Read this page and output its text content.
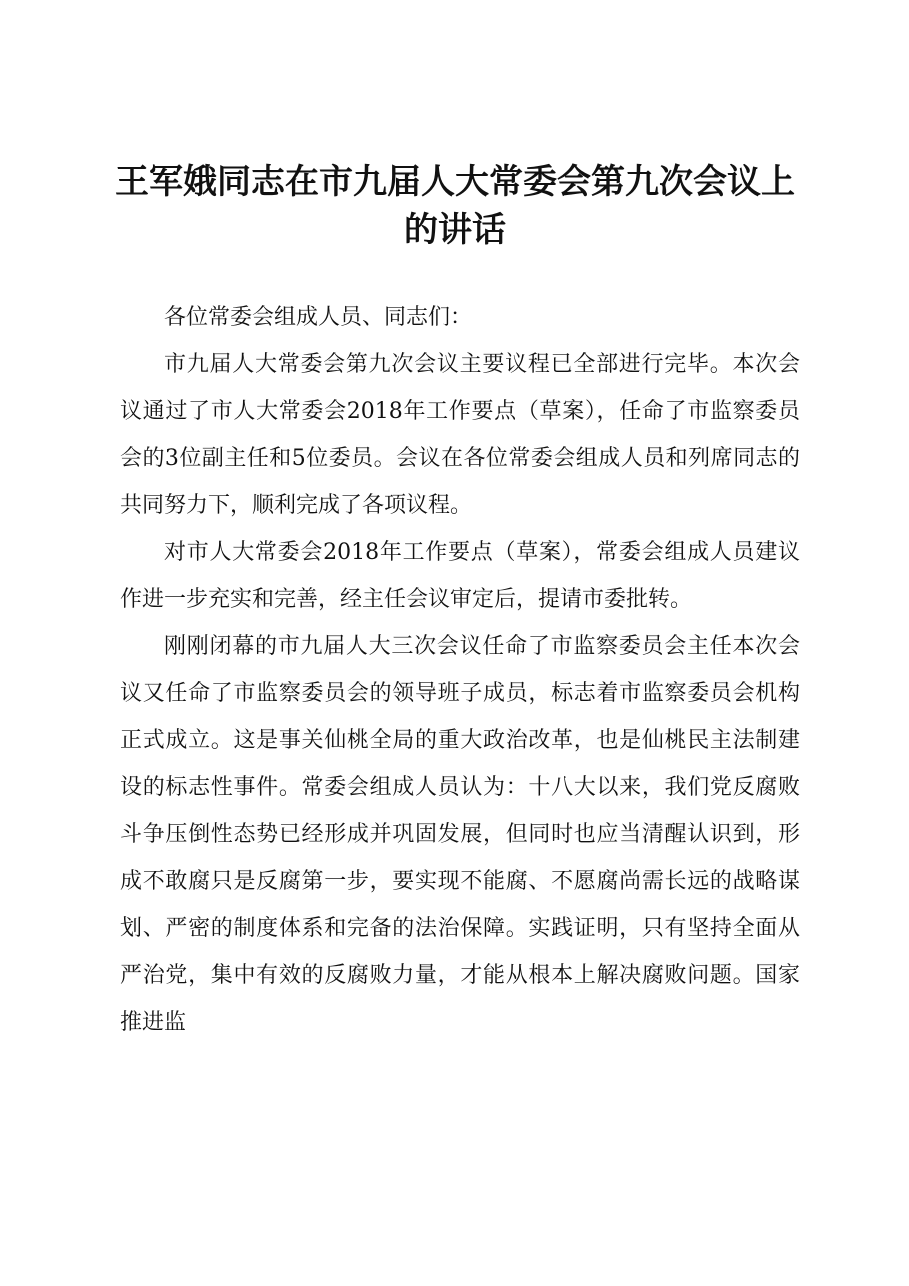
王军娥同志在市九届人大常委会第九次会议上的讲话

各位常委会组成人员、同志们：

市九届人大常委会第九次会议主要议程已全部进行完毕。本次会议通过了市人大常委会2018年工作要点（草案），任命了市监察委员会的3位副主任和5位委员。会议在各位常委会组成人员和列席同志的共同努力下，顺利完成了各项议程。

对市人大常委会2018年工作要点（草案），常委会组成人员建议作进一步充实和完善，经主任会议审定后，提请市委批转。

刚刚闭幕的市九届人大三次会议任命了市监察委员会主任本次会议又任命了市监察委员会的领导班子成员，标志着市监察委员会机构正式成立。这是事关仙桃全局的重大政治改革，也是仙桃民主法制建设的标志性事件。常委会组成人员认为：十八大以来，我们党反腐败斗争压倒性态势已经形成并巩固发展，但同时也应当清醒认识到，形成不敢腐只是反腐第一步，要实现不能腐、不愿腐尚需长远的战略谋划、严密的制度体系和完备的法治保障。实践证明，只有坚持全面从严治党，集中有效的反腐败力量，才能从根本上解决腐败问题。国家推进监
